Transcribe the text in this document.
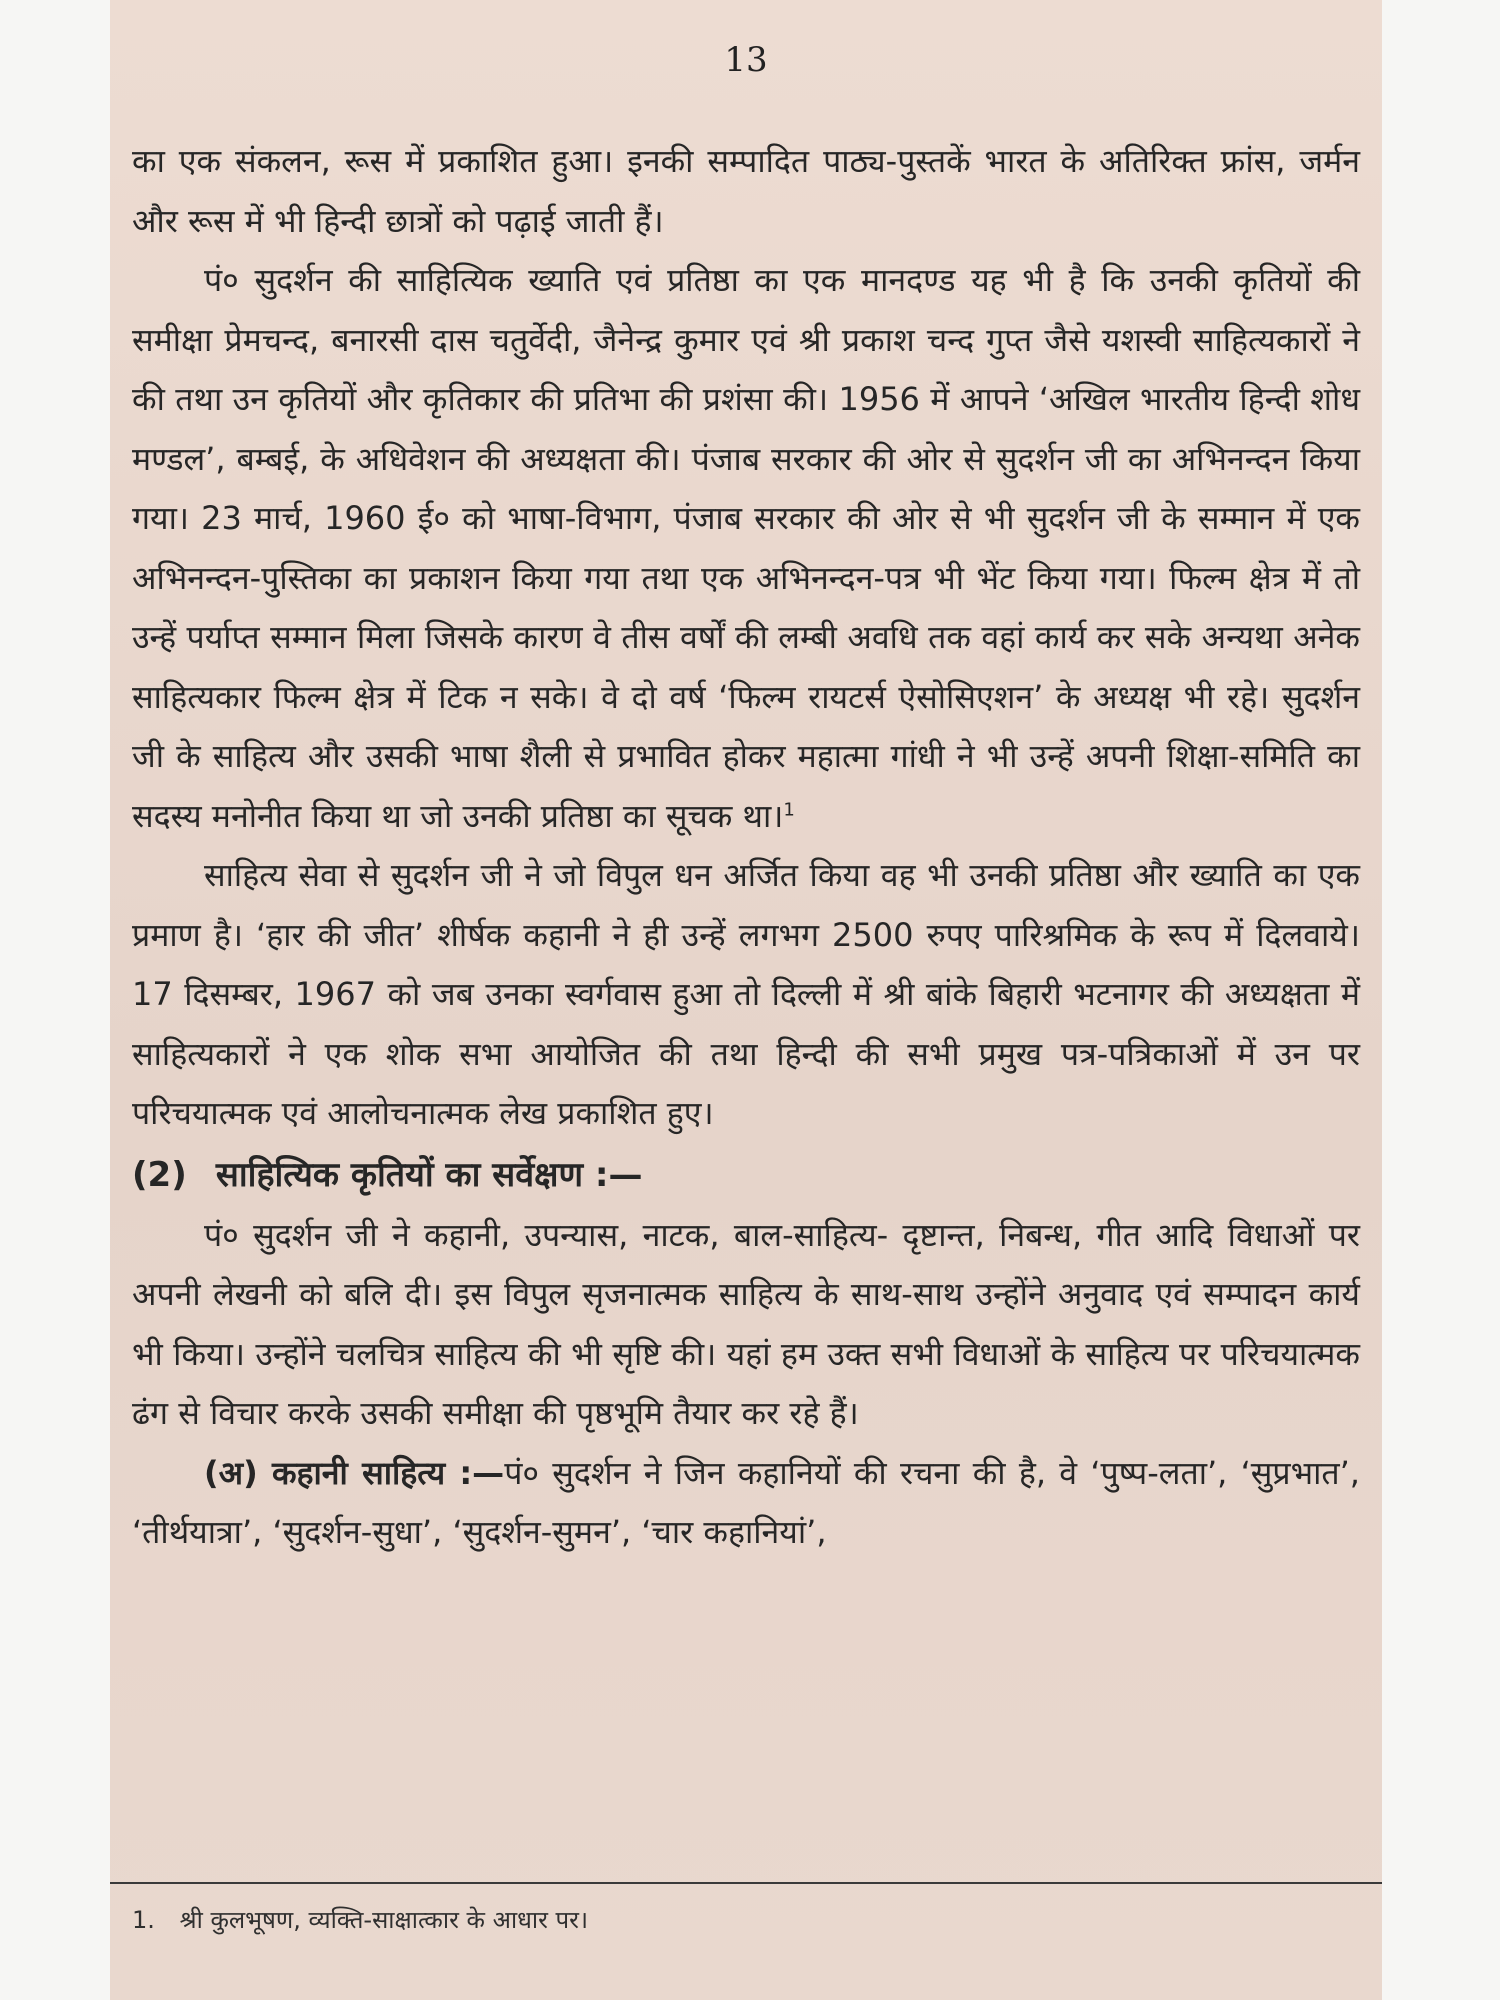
13

का एक संकलन, रूस में प्रकाशित हुआ। इनकी सम्पादित पाठ्य-पुस्तकें भारत के अतिरिक्त फ्रांस, जर्मन और रूस में भी हिन्दी छात्रों को पढ़ाई जाती हैं।

पं० सुदर्शन की साहित्यिक ख्याति एवं प्रतिष्ठा का एक मानदण्ड यह भी है कि उनकी कृतियों की समीक्षा प्रेमचन्द, बनारसी दास चतुर्वेदी, जैनेन्द्र कुमार एवं श्री प्रकाश चन्द गुप्त जैसे यशस्वी साहित्यकारों ने की तथा उन कृतियों और कृतिकार की प्रतिभा की प्रशंसा की। 1956 में आपने ‘अखिल भारतीय हिन्दी शोध मण्डल’, बम्बई, के अधिवेशन की अध्यक्षता की। पंजाब सरकार की ओर से सुदर्शन जी का अभिनन्दन किया गया। 23 मार्च, 1960 ई० को भाषा-विभाग, पंजाब सरकार की ओर से भी सुदर्शन जी के सम्मान में एक अभिनन्दन-पुस्तिका का प्रकाशन किया गया तथा एक अभिनन्दन-पत्र भी भेंट किया गया। फिल्म क्षेत्र में तो उन्हें पर्याप्त सम्मान मिला जिसके कारण वे तीस वर्षों की लम्बी अवधि तक वहां कार्य कर सके अन्यथा अनेक साहित्यकार फिल्म क्षेत्र में टिक न सके। वे दो वर्ष ‘फिल्म रायटर्स ऐसोसिएशन’ के अध्यक्ष भी रहे। सुदर्शन जी के साहित्य और उसकी भाषा शैली से प्रभावित होकर महात्मा गांधी ने भी उन्हें अपनी शिक्षा-समिति का सदस्य मनोनीत किया था जो उनकी प्रतिष्ठा का सूचक था।$^1$

साहित्य सेवा से सुदर्शन जी ने जो विपुल धन अर्जित किया वह भी उनकी प्रतिष्ठा और ख्याति का एक प्रमाण है। ‘हार की जीत’ शीर्षक कहानी ने ही उन्हें लगभग 2500 रुपए पारिश्रमिक के रूप में दिलवाये। 17 दिसम्बर, 1967 को जब उनका स्वर्गवास हुआ तो दिल्ली में श्री बांके बिहारी भटनागर की अध्यक्षता में साहित्यकारों ने एक शोक सभा आयोजित की तथा हिन्दी की सभी प्रमुख पत्र-पत्रिकाओं में उन पर परिचयात्मक एवं आलोचनात्मक लेख प्रकाशित हुए।

(2) साहित्यिक कृतियों का सर्वेक्षण :—

पं० सुदर्शन जी ने कहानी, उपन्यास, नाटक, बाल-साहित्य- दृष्टान्त, निबन्ध, गीत आदि विधाओं पर अपनी लेखनी को बलि दी। इस विपुल सृजनात्मक साहित्य के साथ-साथ उन्होंने अनुवाद एवं सम्पादन कार्य भी किया। उन्होंने चलचित्र साहित्य की भी सृष्टि की। यहां हम उक्त सभी विधाओं के साहित्य पर परिचयात्मक ढंग से विचार करके उसकी समीक्षा की पृष्ठभूमि तैयार कर रहे हैं।

(अ) कहानी साहित्य :—पं० सुदर्शन ने जिन कहानियों की रचना की है, वे ‘पुष्प-लता’, ‘सुप्रभात’, ‘तीर्थयात्रा’, ‘सुदर्शन-सुधा’, ‘सुदर्शन-सुमन’, ‘चार कहानियां’,

1. श्री कुलभूषण, व्यक्ति-साक्षात्कार के आधार पर।
